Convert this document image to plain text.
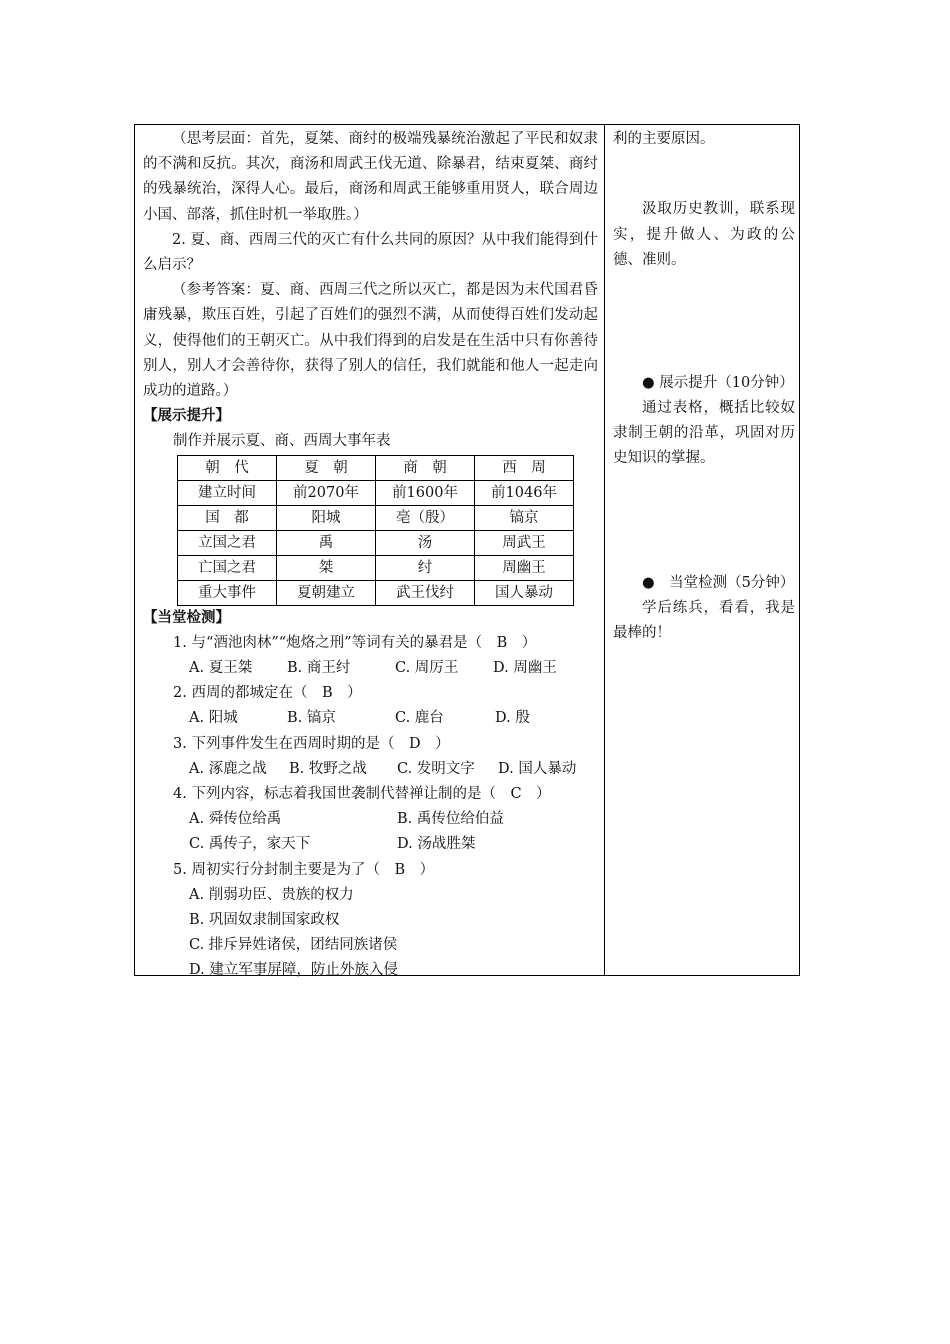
（思考层面：首先，夏桀、商纣的极端残暴统治激起了平民和奴隶的不满和反抗。其次，商汤和周武王伐无道、除暴君，结束夏桀、商纣的残暴统治，深得人心。最后，商汤和周武王能够重用贤人，联合周边小国、部落，抓住时机一举取胜。）

2. 夏、商、西周三代的灭亡有什么共同的原因？从中我们能得到什么启示？

（参考答案：夏、商、西周三代之所以灭亡，都是因为末代国君昏庸残暴，欺压百姓，引起了百姓们的强烈不满，从而使得百姓们发动起义，使得他们的王朝灭亡。从中我们得到的启发是在生活中只有你善待别人，别人才会善待你，获得了别人的信任，我们就能和他人一起走向成功的道路。）

【展示提升】

制作并展示夏、商、西周大事年表

朝　代	夏　朝	商　朝	西　周
建立时间	前2070年	前1600年	前1046年
国　都	阳城	亳（殷）	镐京
立国之君	禹	汤	周武王
亡国之君	桀	纣	周幽王
重大事件	夏朝建立	武王伐纣	国人暴动

【当堂检测】

1. 与“酒池肉林”“炮烙之刑”等词有关的暴君是（　B　）

A. 夏王桀	B. 商王纣	C. 周厉王	D. 周幽王

2. 西周的都城定在（　B　）

A. 阳城	B. 镐京	C. 鹿台	D. 殷

3. 下列事件发生在西周时期的是（　D　）

A. 涿鹿之战	B. 牧野之战	C. 发明文字	D. 国人暴动

4. 下列内容，标志着我国世袭制代替禅让制的是（　C　）

A. 舜传位给禹	B. 禹传位给伯益
C. 禹传子，家天下	D. 汤战胜桀

5. 周初实行分封制主要是为了（　B　）

A. 削弱功臣、贵族的权力

B. 巩固奴隶制国家政权

C. 排斥异姓诸侯，团结同族诸侯

D. 建立军事屏障，防止外族入侵

利的主要原因。

汲取历史教训，联系现实，提升做人、为政的公德、准则。

● 展示提升（10分钟）

通过表格，概括比较奴隶制王朝的沿革，巩固对历史知识的掌握。

●　当堂检测（5分钟）

学后练兵，看看，我是最棒的！
